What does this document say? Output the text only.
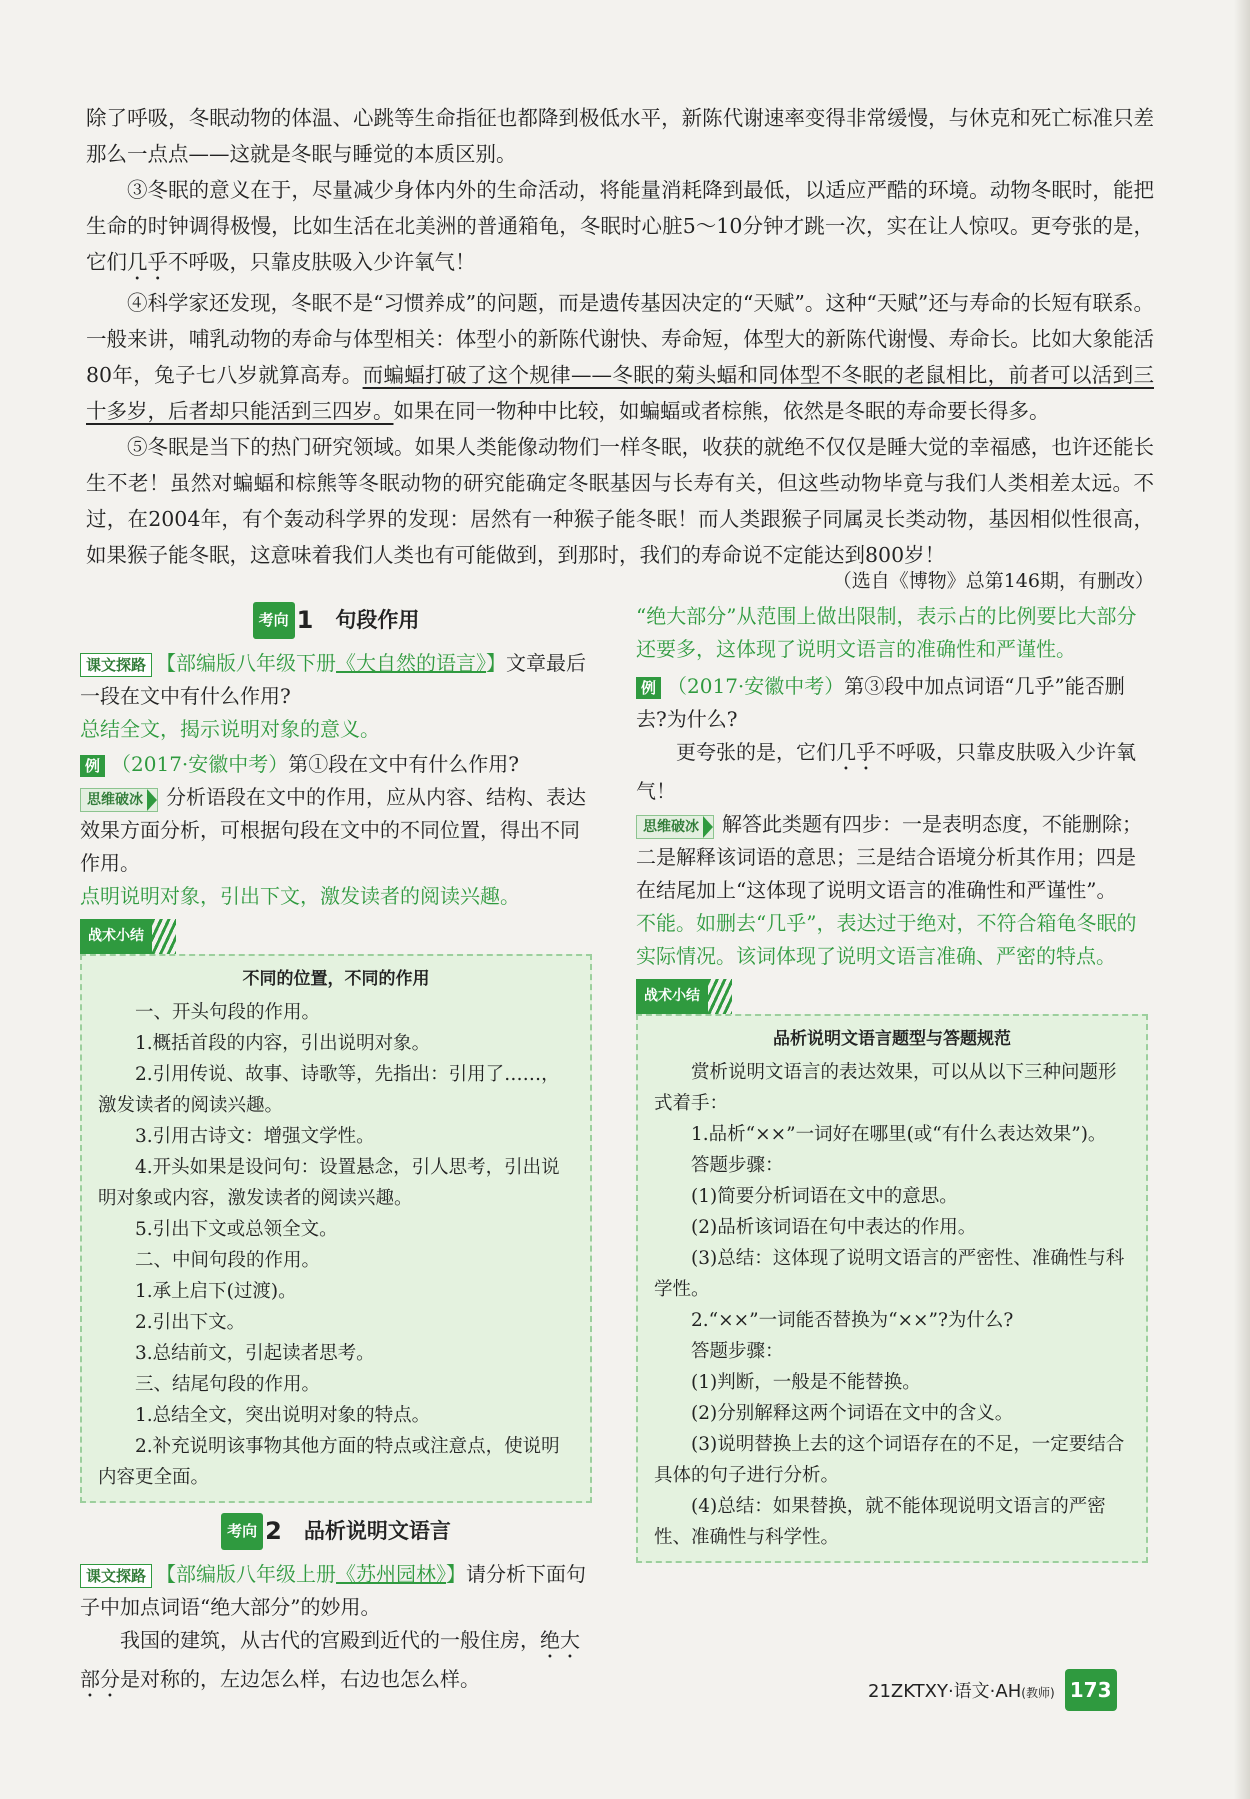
除了呼吸，冬眠动物的体温、心跳等生命指征也都降到极低水平，新陈代谢速率变得非常缓慢，与休克和死亡标准只差那么一点点——这就是冬眠与睡觉的本质区别。

③冬眠的意义在于，尽量减少身体内外的生命活动，将能量消耗降到最低，以适应严酷的环境。动物冬眠时，能把生命的时钟调得极慢，比如生活在北美洲的普通箱龟，冬眠时心脏5～10分钟才跳一次，实在让人惊叹。更夸张的是，它们几乎不呼吸，只靠皮肤吸入少许氧气！

④科学家还发现，冬眠不是“习惯养成”的问题，而是遗传基因决定的“天赋”。这种“天赋”还与寿命的长短有联系。一般来讲，哺乳动物的寿命与体型相关：体型小的新陈代谢快、寿命短，体型大的新陈代谢慢、寿命长。比如大象能活80年，兔子七八岁就算高寿。而蝙蝠打破了这个规律——冬眠的菊头蝠和同体型不冬眠的老鼠相比，前者可以活到三十多岁，后者却只能活到三四岁。如果在同一物种中比较，如蝙蝠或者棕熊，依然是冬眠的寿命要长得多。

⑤冬眠是当下的热门研究领域。如果人类能像动物们一样冬眠，收获的就绝不仅仅是睡大觉的幸福感，也许还能长生不老！虽然对蝙蝠和棕熊等冬眠动物的研究能确定冬眠基因与长寿有关，但这些动物毕竟与我们人类相差太远。不过，在2004年，有个轰动科学界的发现：居然有一种猴子能冬眠！而人类跟猴子同属灵长类动物，基因相似性很高，如果猴子能冬眠，这意味着我们人类也有可能做到，到那时，我们的寿命说不定能达到800岁！

（选自《博物》总第146期，有删改）
考向 1 句段作用

课文探路 【部编版八年级下册《大自然的语言》】文章最后一段在文中有什么作用?

总结全文，揭示说明对象的意义。

例 （2017·安徽中考）第①段在文中有什么作用?

思维破冰 分析语段在文中的作用，应从内容、结构、表达效果方面分析，可根据句段在文中的不同位置，得出不同作用。

点明说明对象，引出下文，激发读者的阅读兴趣。

战术小结
不同的位置，不同的作用

一、开头句段的作用。

1.概括首段的内容，引出说明对象。

2.引用传说、故事、诗歌等，先指出：引用了……，激发读者的阅读兴趣。

3.引用古诗文：增强文学性。

4.开头如果是设问句：设置悬念，引人思考，引出说明对象或内容，激发读者的阅读兴趣。

5.引出下文或总领全文。

二、中间句段的作用。

1.承上启下(过渡)。

2.引出下文。

3.总结前文，引起读者思考。

三、结尾句段的作用。

1.总结全文，突出说明对象的特点。

2.补充说明该事物其他方面的特点或注意点，使说明内容更全面。

考向 2 品析说明文语言

课文探路 【部编版八年级上册《苏州园林》】请分析下面句子中加点词语“绝大部分”的妙用。

我国的建筑，从古代的宫殿到近代的一般住房，绝大部分是对称的，左边怎么样，右边也怎么样。

“绝大部分”从范围上做出限制，表示占的比例要比大部分还要多，这体现了说明文语言的准确性和严谨性。

例 （2017·安徽中考）第③段中加点词语“几乎”能否删去?为什么?

更夸张的是，它们几乎不呼吸，只靠皮肤吸入少许氧气！

思维破冰 解答此类题有四步：一是表明态度，不能删除；二是解释该词语的意思；三是结合语境分析其作用；四是在结尾加上“这体现了说明文语言的准确性和严谨性”。

不能。如删去“几乎”，表达过于绝对，不符合箱龟冬眠的实际情况。该词体现了说明文语言准确、严密的特点。

战术小结
品析说明文语言题型与答题规范

赏析说明文语言的表达效果，可以从以下三种问题形式着手：

1.品析“××”一词好在哪里(或“有什么表达效果”)。

答题步骤：

(1)简要分析词语在文中的意思。

(2)品析该词语在句中表达的作用。

(3)总结：这体现了说明文语言的严密性、准确性与科学性。

2.“××”一词能否替换为“××”?为什么?

答题步骤：

(1)判断，一般是不能替换。

(2)分别解释这两个词语在文中的含义。

(3)说明替换上去的这个词语存在的不足，一定要结合具体的句子进行分析。

(4)总结：如果替换，就不能体现说明文语言的严密性、准确性与科学性。

21ZKTXY·语文·AH(教师) 173
